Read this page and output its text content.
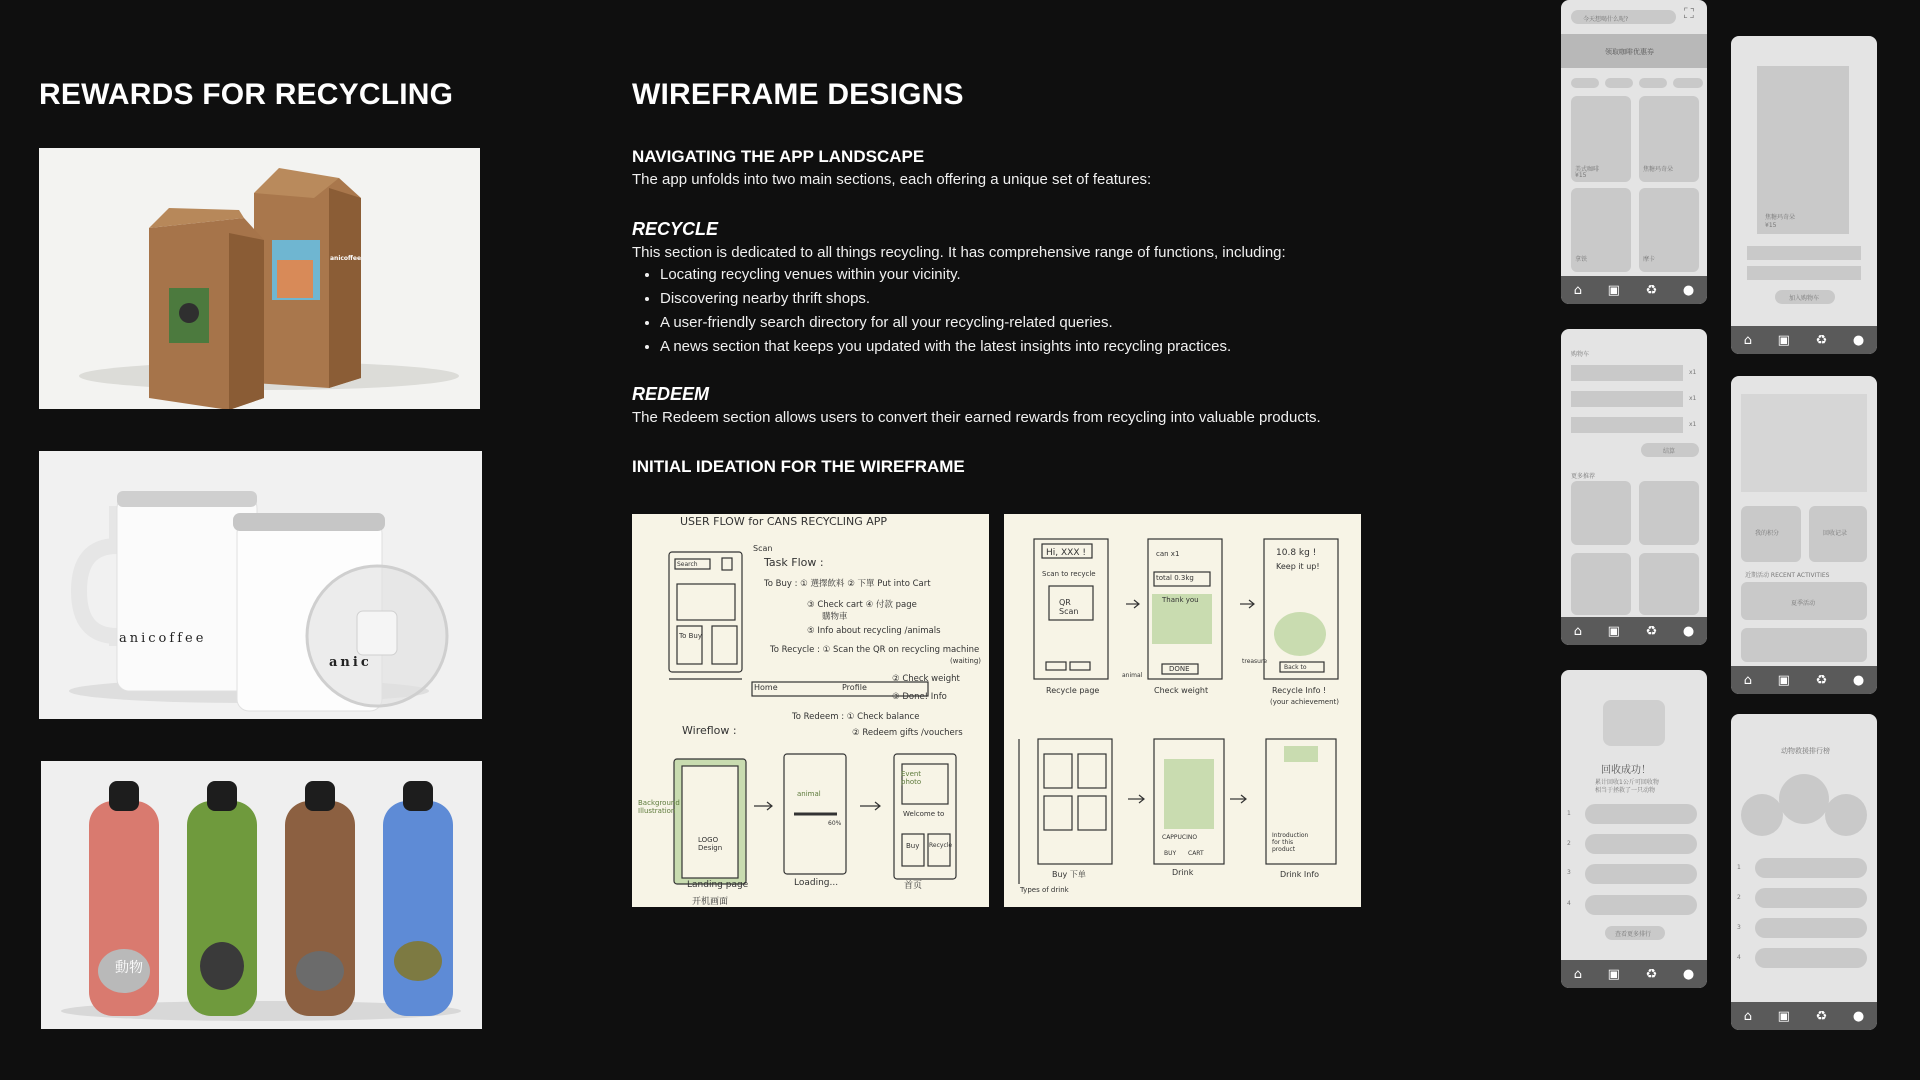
REWARDS FOR RECYCLING
anicoffee
anicoffee
anic
動物
WIREFRAME DESIGNS
NAVIGATING THE APP LANDSCAPE
The app unfolds into two main sections, each offering a unique set of features:
RECYCLE
This section is dedicated to all things recycling. It has comprehensive range of functions, including:
• Locating recycling venues within your vicinity.
• Discovering nearby thrift shops.
• A user-friendly search directory for all your recycling-related queries.
• A news section that keeps you updated with the latest insights into recycling practices.
REDEEM
The Redeem section allows users to convert their earned rewards from recycling into valuable products.
INITIAL IDEATION FOR THE WIREFRAME
USER FLOW for CANS RECYCLING APP
Scan
Search
To Buy
Task Flow :
To Buy : ① 選擇飲料 ② 下單 Put into Cart
③ Check cart ④ 付款 page
購物車
⑤ Info about recycling /animals
To Recycle : ① Scan the QR on recycling machine
(waiting)
② Check weight
③ Done! Info
Home	Profile
To Redeem : ① Check balance
② Redeem gifts /vouchers
Wireflow :
Background Illustration
LOGO Design
animal
60%
Event photo
Welcome to
Buy Recycle
Landing page
开机画面
Loading...	首页
Hi, XXX !
Scan to recycle
QR Scan
can x1
total 0.3kg
Thank you
DONE
10.8 kg !
Keep it up!
Back to
Recycle page	Check weight
animal
treasure
Recycle Info !
(your achievement)
Buy 下单
Types of drink
CAPPUCINO
BUY CART
Drink	Drink Info
Introduction for this product
今天想喝什么呢?	⛶
领取咖啡优惠券
美式咖啡	焦糖玛奇朵
拿铁	摩卡
¥15
⌂ ▣ ♻ ●
购物车
x1
x1
x1
结算
更多推荐
⌂ ▣ ♻ ●
回收成功！
累计回收1公斤可回收物
相当于拯救了一只动物
1
2
3
4
查看更多排行
⌂ ▣ ♻ ●
焦糖玛奇朵
¥15
加入购物车
⌂ ▣ ♻ ●
我的积分	回收记录
近期活动 RECENT ACTIVITIES
夏季活动
⌂ ▣ ♻ ●
动物救援排行榜
1
2
3
4
⌂ ▣ ♻ ●
